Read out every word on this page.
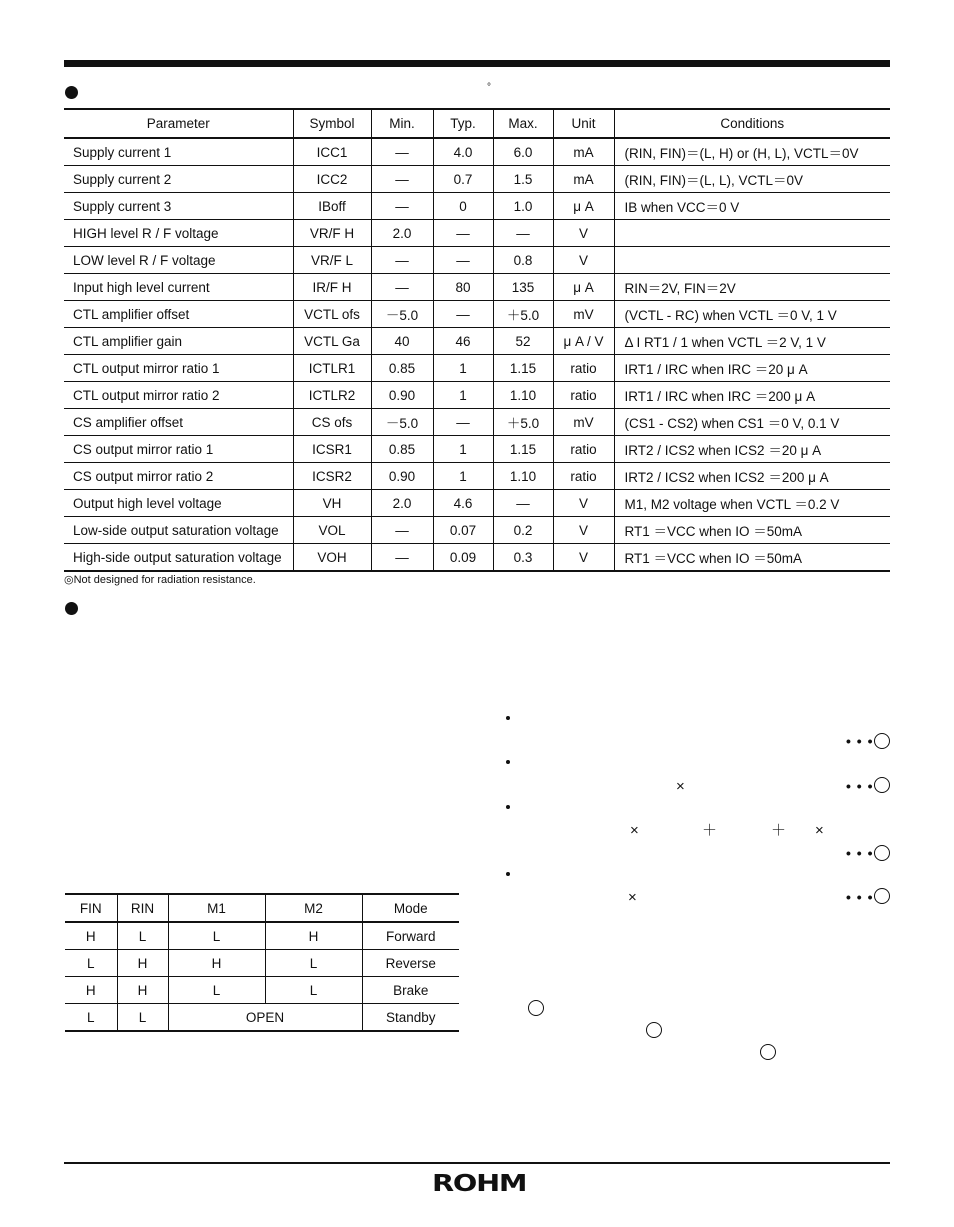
°
Parameter	Symbol	Min.	Typ.	Max.	Unit	Conditions
Supply current 1	ICC1	—	4.0	6.0	mA	(RIN, FIN)＝(L, H) or (H, L), VCTL＝0V
Supply current 2	ICC2	—	0.7	1.5	mA	(RIN, FIN)＝(L, L), VCTL＝0V
Supply current 3	IBoff	—	0	1.0	μ A	IB when VCC＝0 V
HIGH level R / F voltage	VR/F H	2.0	—	—	V	
LOW level R / F voltage	VR/F L	—	—	0.8	V	
Input high level current	IR/F H	—	80	135	μ A	RIN＝2V, FIN＝2V
CTL amplifier offset	VCTL ofs	－5.0	—	＋5.0	mV	(VCTL - RC) when VCTL ＝0 V, 1 V
CTL amplifier gain	VCTL Ga	40	46	52	μ A / V	Δ I RT1 / 1 when VCTL ＝2 V, 1 V
CTL output mirror ratio 1	ICTLR1	0.85	1	1.15	ratio	IRT1 / IRC when IRC ＝20 μ A
CTL output mirror ratio 2	ICTLR2	0.90	1	1.10	ratio	IRT1 / IRC when IRC ＝200 μ A
CS amplifier offset	CS ofs	－5.0	—	＋5.0	mV	(CS1 - CS2) when CS1 ＝0 V, 0.1 V
CS output mirror ratio 1	ICSR1	0.85	1	1.15	ratio	IRT2 / ICS2 when ICS2 ＝20 μ A
CS output mirror ratio 2	ICSR2	0.90	1	1.10	ratio	IRT2 / ICS2 when ICS2 ＝200 μ A
Output high level voltage	VH	2.0	4.6	—	V	M1, M2 voltage when VCTL ＝0.2 V
Low-side output saturation voltage	VOL	—	0.07	0.2	V	RT1 ＝VCC when IO ＝50mA
High-side output saturation voltage	VOH	—	0.09	0.3	V	RT1 ＝VCC when IO ＝50mA
◎Not designed for radiation resistance.
FIN	RIN	M1	M2	Mode
H	L	L	H	Forward
L	H	H	L	Reverse
H	H	L	L	Brake
L	L	OPEN		Standby
• • •
×	• • •
×	＋	＋ ×
• • •
×	• • •
ROHM
